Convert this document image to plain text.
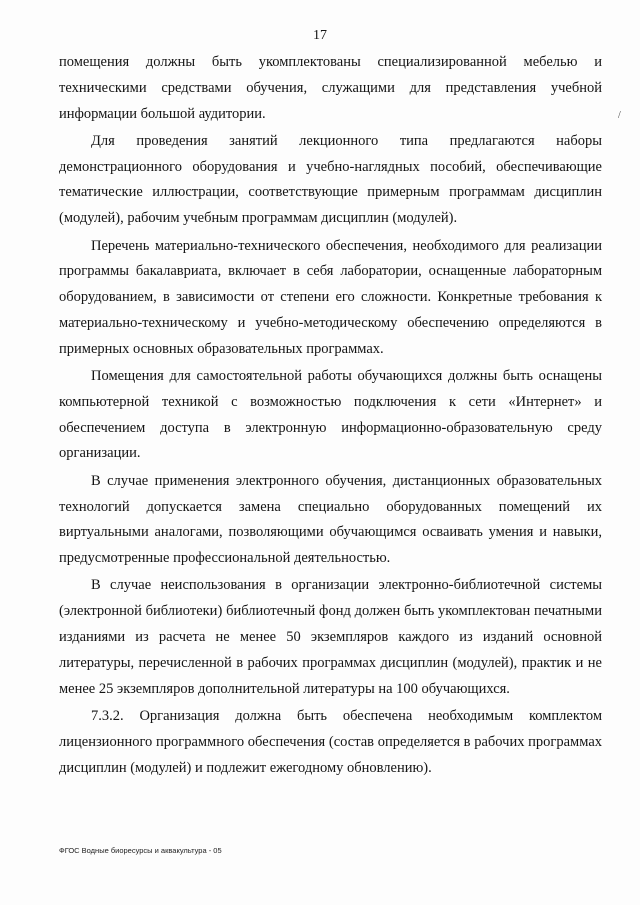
17
/

помещения должны быть укомплектованы специализированной мебелью и техническими средствами обучения, служащими для представления учебной информации большой аудитории.

Для проведения занятий лекционного типа предлагаются наборы демонстрационного оборудования и учебно-наглядных пособий, обеспечивающие тематические иллюстрации, соответствующие примерным программам дисциплин (модулей), рабочим учебным программам дисциплин (модулей).

Перечень материально-технического обеспечения, необходимого для реализации программы бакалавриата, включает в себя лаборатории, оснащенные лабораторным оборудованием, в зависимости от степени его сложности. Конкретные требования к материально-техническому и учебно-методическому обеспечению определяются в примерных основных образовательных программах.

Помещения для самостоятельной работы обучающихся должны быть оснащены компьютерной техникой с возможностью подключения к сети «Интернет» и обеспечением доступа в электронную информационно-образовательную среду организации.

В случае применения электронного обучения, дистанционных образовательных технологий допускается замена специально оборудованных помещений их виртуальными аналогами, позволяющими обучающимся осваивать умения и навыки, предусмотренные профессиональной деятельностью.

В случае неиспользования в организации электронно-библиотечной системы (электронной библиотеки) библиотечный фонд должен быть укомплектован печатными изданиями из расчета не менее 50 экземпляров каждого из изданий основной литературы, перечисленной в рабочих программах дисциплин (модулей), практик и не менее 25 экземпляров дополнительной литературы на 100 обучающихся.

7.3.2. Организация должна быть обеспечена необходимым комплектом лицензионного программного обеспечения (состав определяется в рабочих программах дисциплин (модулей) и подлежит ежегодному обновлению).

ФГОС Водные биоресурсы и аквакультура - 05
